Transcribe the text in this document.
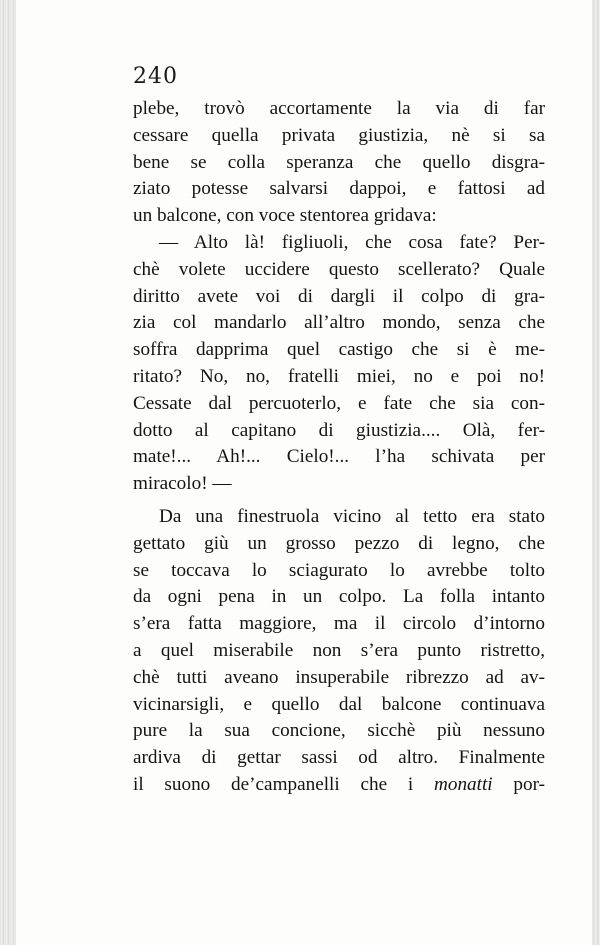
240
plebe, trovò accortamente la via di far
cessare quella privata giustizia, nè si sa
bene se colla speranza che quello disgra-
ziato potesse salvarsi dappoi, e fattosi ad
un balcone, con voce stentorea gridava:
— Alto là! figliuoli, che cosa fate? Per-
chè volete uccidere questo scellerato? Quale
diritto avete voi di dargli il colpo di gra-
zia col mandarlo all’altro mondo, senza che
soffra dapprima quel castigo che si è me-
ritato? No, no, fratelli miei, no e poi no!
Cessate dal percuoterlo, e fate che sia con-
dotto al capitano di giustizia.... Olà, fer-
mate!... Ah!... Cielo!... l’ha schivata per
miracolo! —
Da una finestruola vicino al tetto era stato
gettato giù un grosso pezzo di legno, che
se toccava lo sciagurato lo avrebbe tolto
da ogni pena in un colpo. La folla intanto
s’era fatta maggiore, ma il circolo d’intorno
a quel miserabile non s’era punto ristretto,
chè tutti aveano insuperabile ribrezzo ad av-
vicinarsigli, e quello dal balcone continuava
pure la sua concione, sicchè più nessuno
ardiva di gettar sassi od altro. Finalmente
il suono de’campanelli che i monatti por-
